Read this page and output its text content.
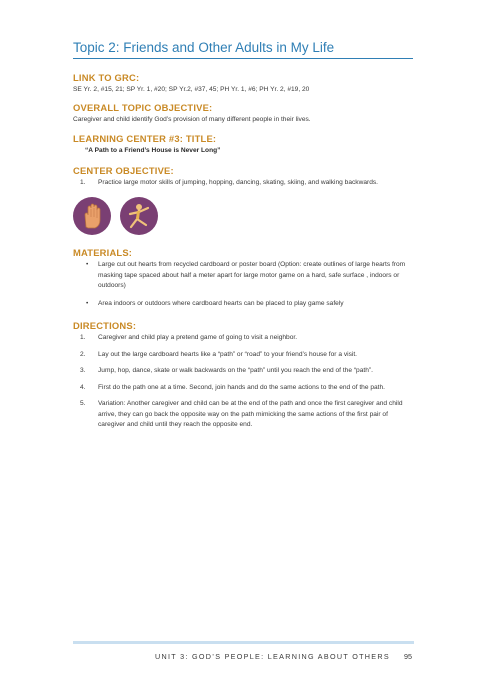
Topic 2: Friends and Other Adults in My Life
LINK TO GRC:
SE Yr. 2, #15, 21; SP Yr. 1, #20; SP Yr.2, #37, 45; PH Yr. 1, #6; PH Yr. 2, #19, 20
OVERALL TOPIC OBJECTIVE:
Caregiver and child identify God’s provision of many different people in their lives.
LEARNING CENTER #3: TITLE:
“A Path to a Friend’s House is Never Long”
CENTER OBJECTIVE:
1. Practice large motor skills of jumping, hopping, dancing, skating, skiing, and walking backwards.
MATERIALS:
• Large cut out hearts from recycled cardboard or poster board (Option: create outlines of large hearts from masking tape spaced about half a meter apart for large motor game on a hard, safe surface , indoors or outdoors)
• Area indoors or outdoors where cardboard hearts can be placed to play game safely
DIRECTIONS:
1. Caregiver and child play a pretend game of going to visit a neighbor.
2. Lay out the large cardboard hearts like a “path” or “road” to your friend’s house for a visit.
3. Jump, hop, dance, skate or walk backwards on the “path” until you reach the end of the “path”.
4. First do the path one at a time. Second, join hands and do the same actions to the end of the path.
5. Variation: Another caregiver and child can be at the end of the path and once the first caregiver and child arrive, they can go back the opposite way on the path mimicking the same actions of the first pair of caregiver and child until they reach the opposite end.
UNIT 3: GOD’S PEOPLE: LEARNING ABOUT OTHERS 95
